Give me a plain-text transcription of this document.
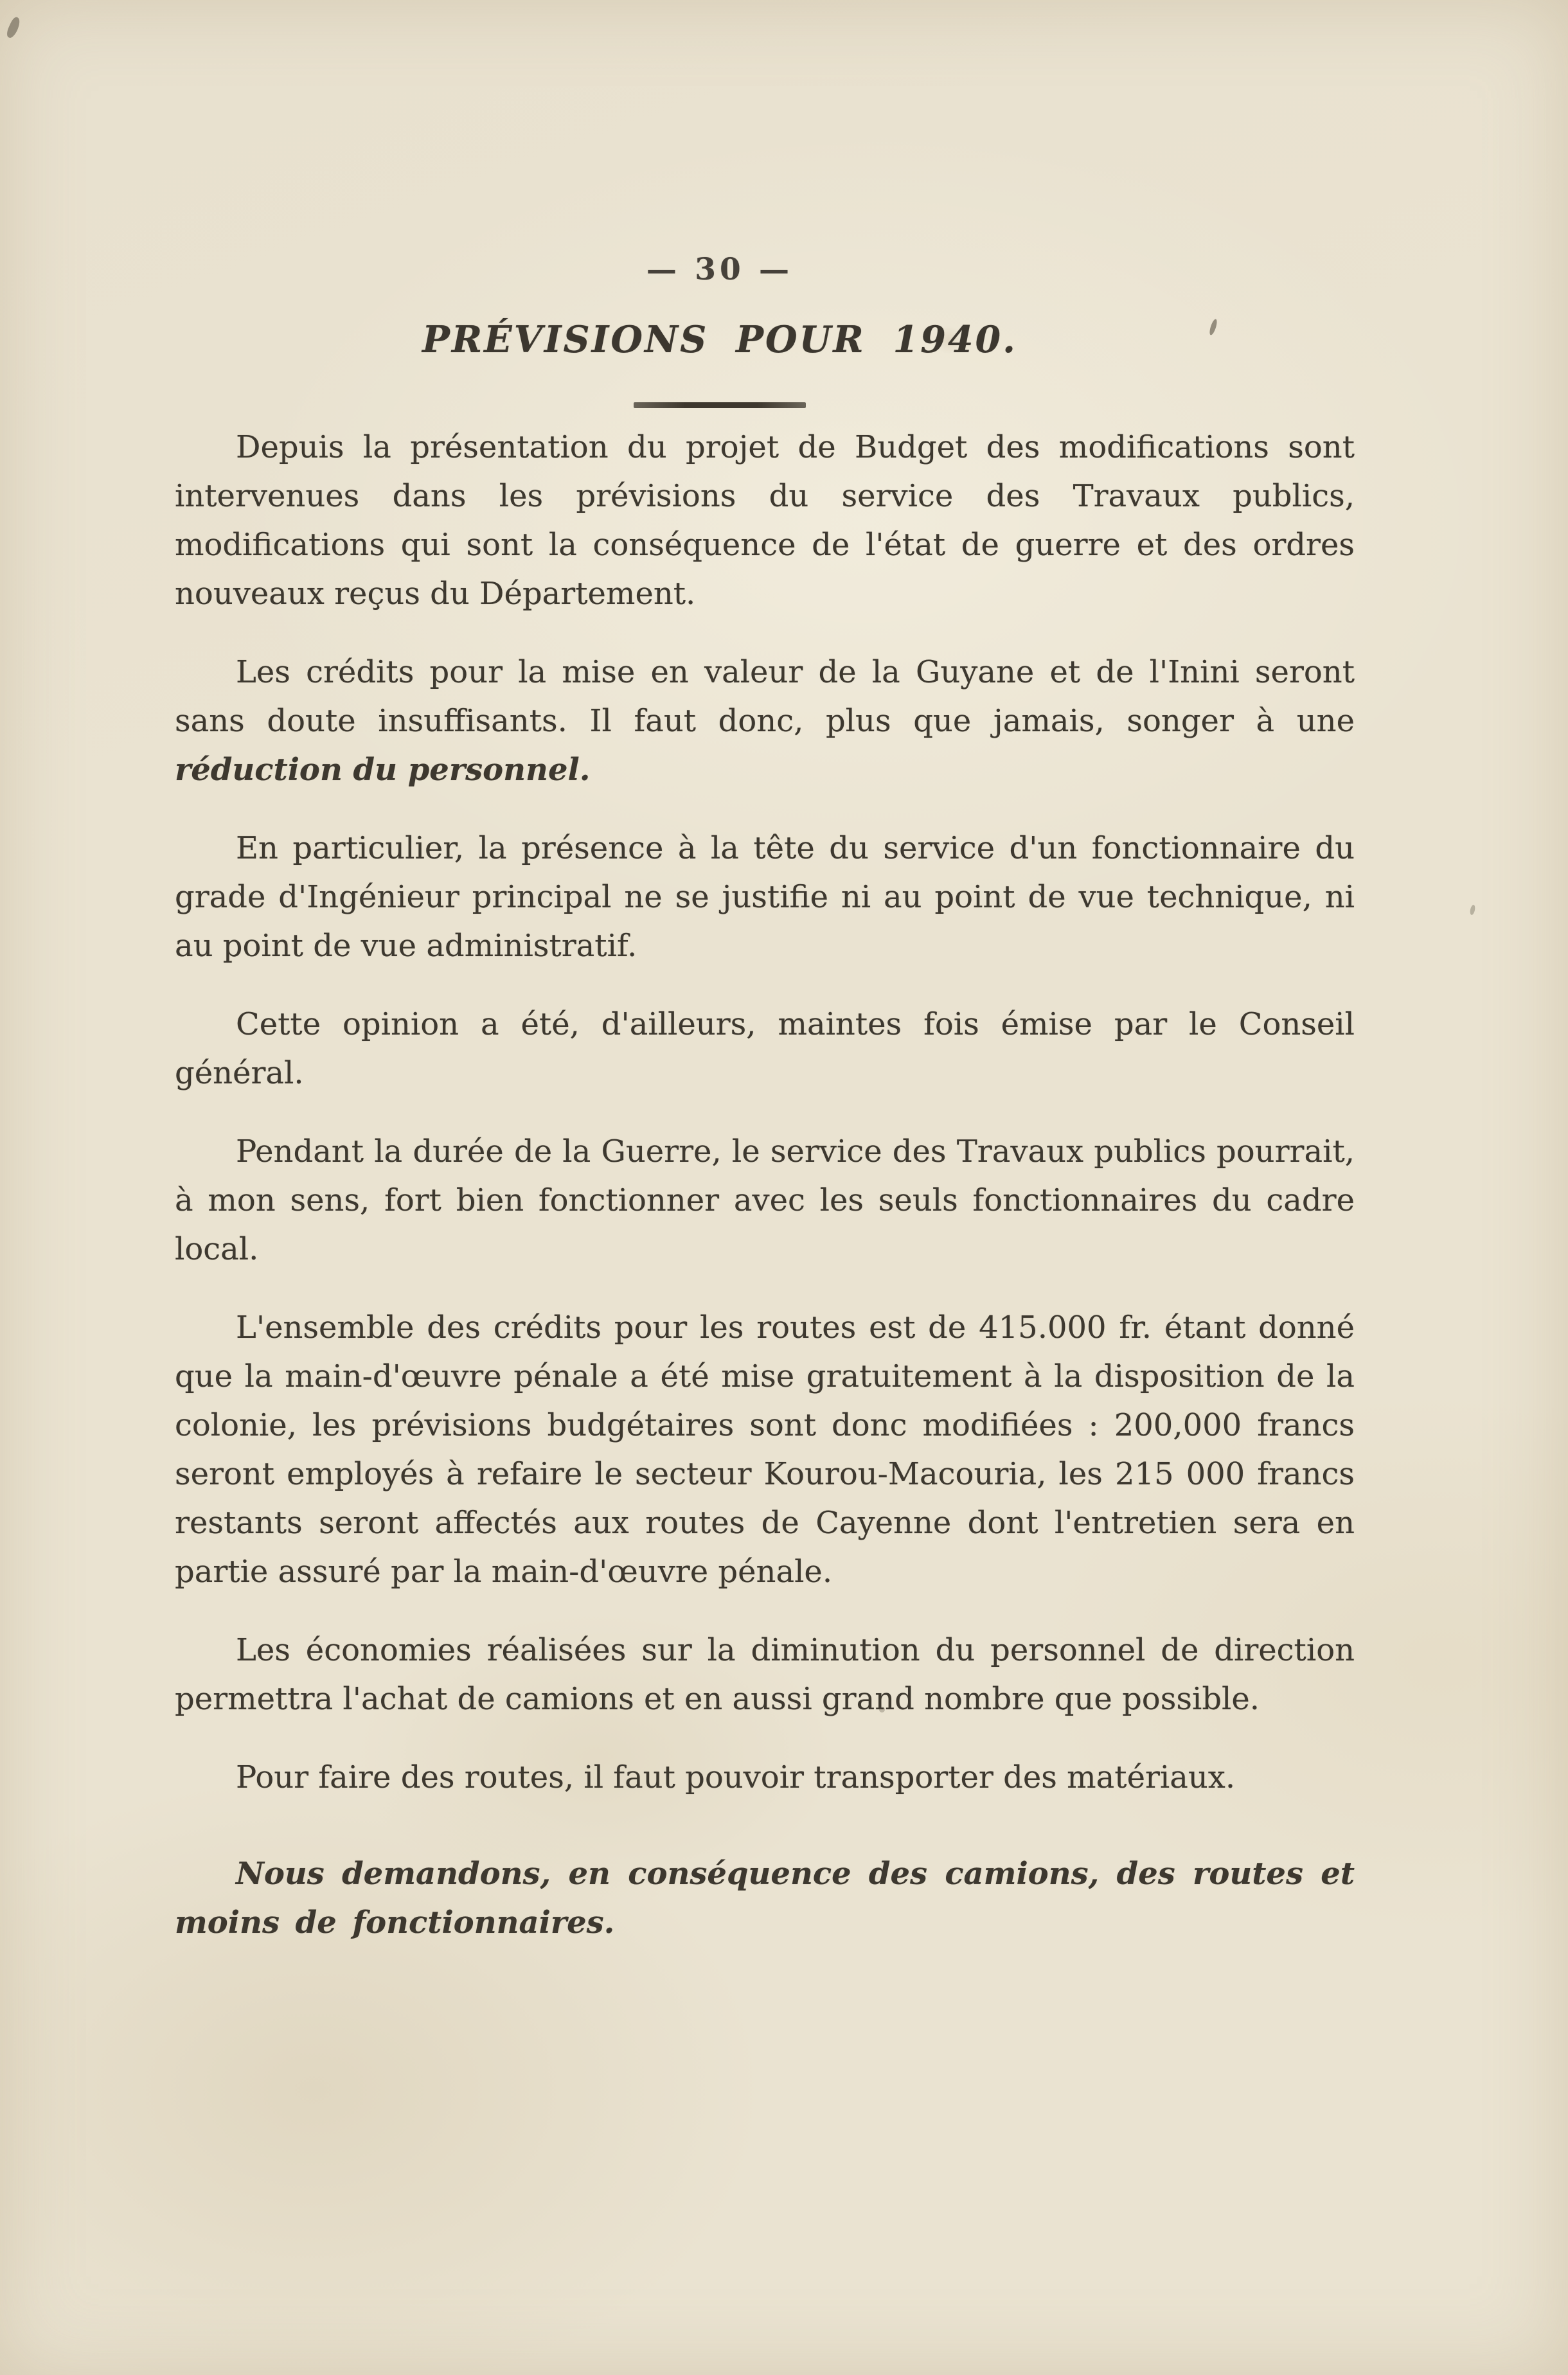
— 30 —
PRÉVISIONS POUR 1940.

Depuis la présentation du projet de Budget des modifications sont intervenues dans les prévisions du service des Travaux publics, modifications qui sont la conséquence de l'état de guerre et des ordres nouveaux reçus du Département.

Les crédits pour la mise en valeur de la Guyane et de l'Inini seront sans doute insuffisants. Il faut donc, plus que jamais, songer à une réduction du personnel.

En particulier, la présence à la tête du service d'un fonctionnaire du grade d'Ingénieur principal ne se justifie ni au point de vue technique, ni au point de vue administratif.

Cette opinion a été, d'ailleurs, maintes fois émise par le Conseil général.

Pendant la durée de la Guerre, le service des Travaux publics pourrait, à mon sens, fort bien fonctionner avec les seuls fonctionnaires du cadre local.

L'ensemble des crédits pour les routes est de 415.000 fr. étant donné que la main-d'œuvre pénale a été mise gratuitement à la disposition de la colonie, les prévisions budgétaires sont donc modifiées : 200,000 francs seront employés à refaire le secteur Kourou-Macouria, les 215 000 francs restants seront affectés aux routes de Cayenne dont l'entretien sera en partie assuré par la main-d'œuvre pénale.

Les économies réalisées sur la diminution du personnel de direction permettra l'achat de camions et en aussi grand nombre que possible.

Pour faire des routes, il faut pouvoir transporter des matériaux.

Nous demandons, en conséquence des camions, des routes et moins de fonctionnaires.
